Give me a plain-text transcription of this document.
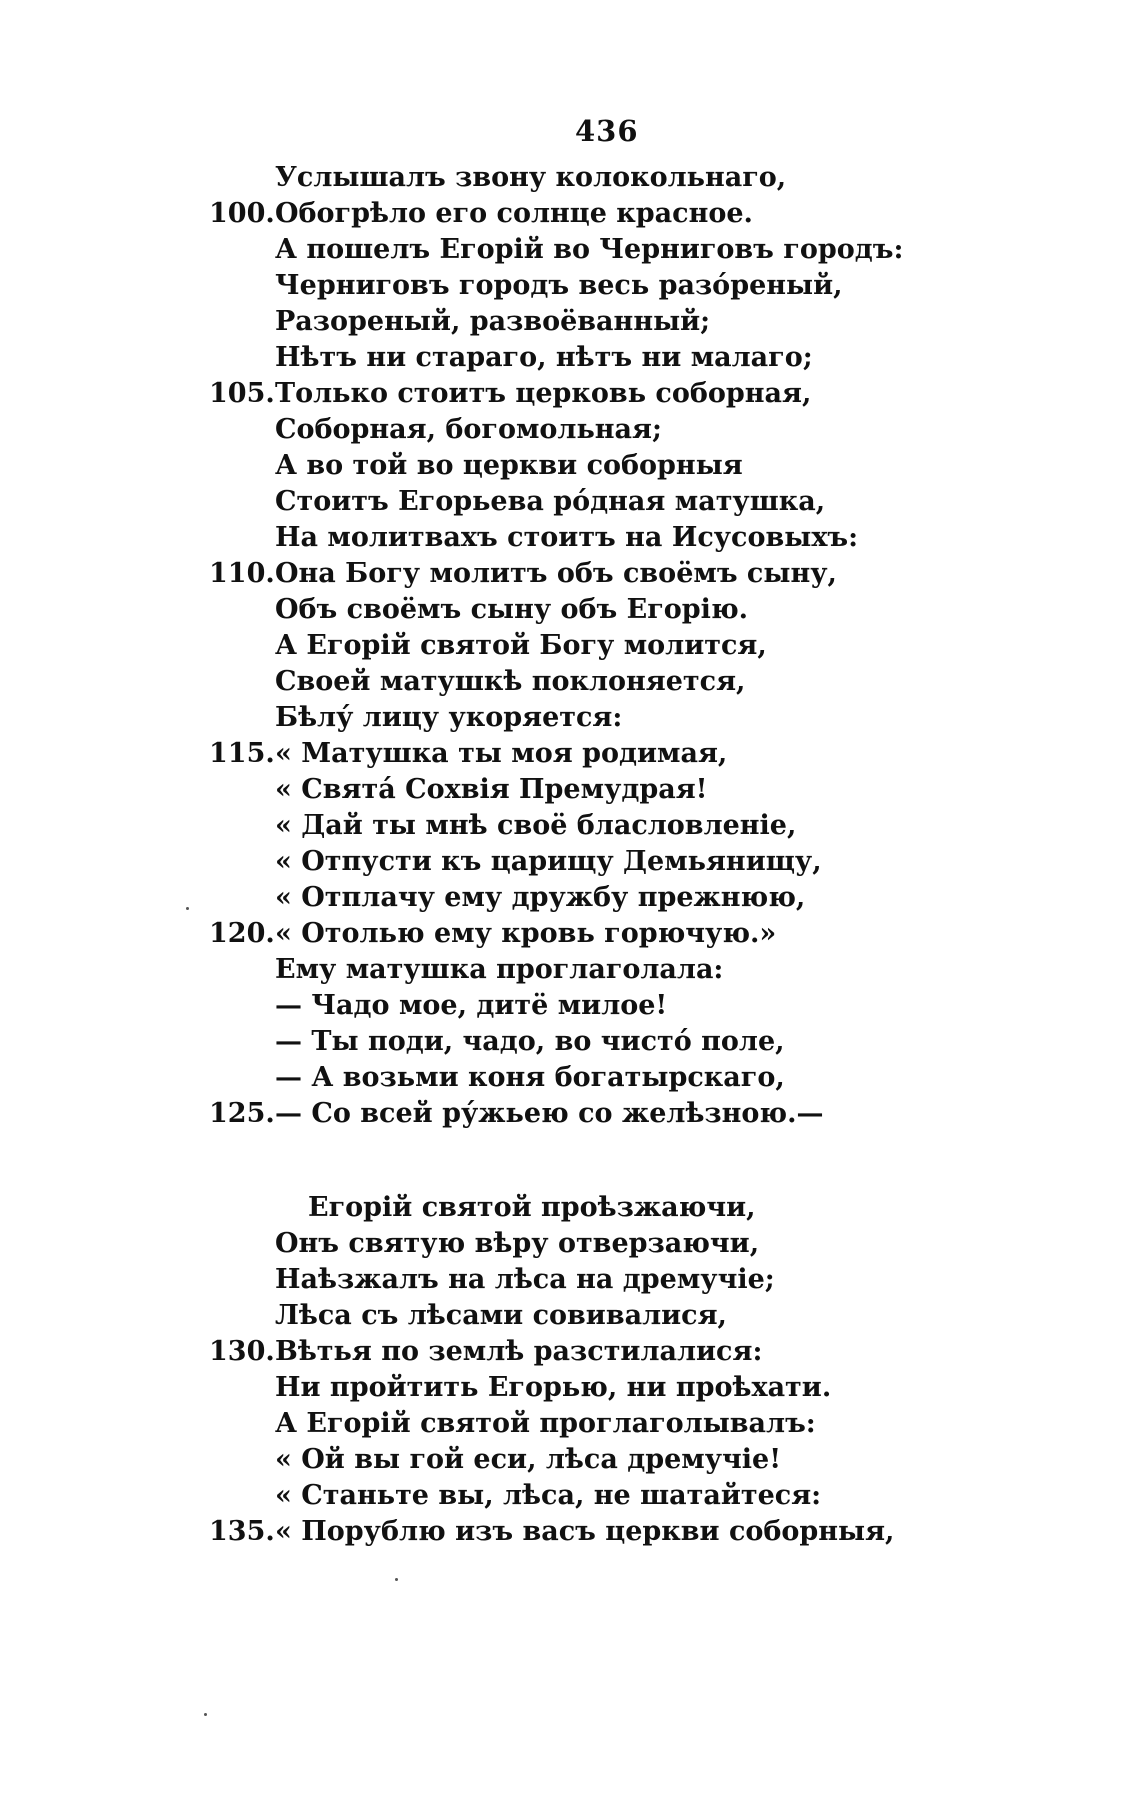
436
Услышалъ звону колокольнаго,
100. Обогрѣло его солнце красное.
А пошелъ Егорій во Черниговъ городъ:
Черниговъ городъ весь разо́реный,
Разореный, развоёванный;
Нѣтъ ни стараго, нѣтъ ни малаго;
105. Только стоитъ церковь соборная,
Соборная, богомольная;
А во той во церкви соборныя
Стоитъ Егорьева ро́дная матушка,
На молитвахъ стоитъ на Исусовыхъ:
110. Она Богу молитъ объ своёмъ сыну,
Объ своёмъ сыну объ Егорію.
А Егорій святой Богу молится,
Своей матушкѣ поклоняется,
Бѣлу́ лицу укоряется:
115. « Матушка ты моя родимая,
« Свята́ Сохвія Премудрая!
« Дай ты мнѣ своё бласловленіе,
« Отпусти къ царищу Демьянищу,
« Отплачу ему дружбу прежнюю,
120. « Отолью ему кровь горючую.»
Ему матушка проглаголала:
— Чадо мое, дитё милое!
— Ты поди, чадо, во чисто́ поле,
— А возьми коня богатырскаго,
125. — Со всей ру́жьею со желѣзною.—
Егорій святой проѣзжаючи,
Онъ святую вѣру отверзаючи,
Наѣзжалъ на лѣса на дремучіе;
Лѣса съ лѣсами совивалися,
130. Вѣтья по землѣ разстилалися:
Ни пройтить Егорью, ни проѣхати.
А Егорій святой проглаголывалъ:
« Ой вы гой еси, лѣса дремучіе!
« Станьте вы, лѣса, не шатайтеся:
135. « Порублю изъ васъ церкви соборныя,
